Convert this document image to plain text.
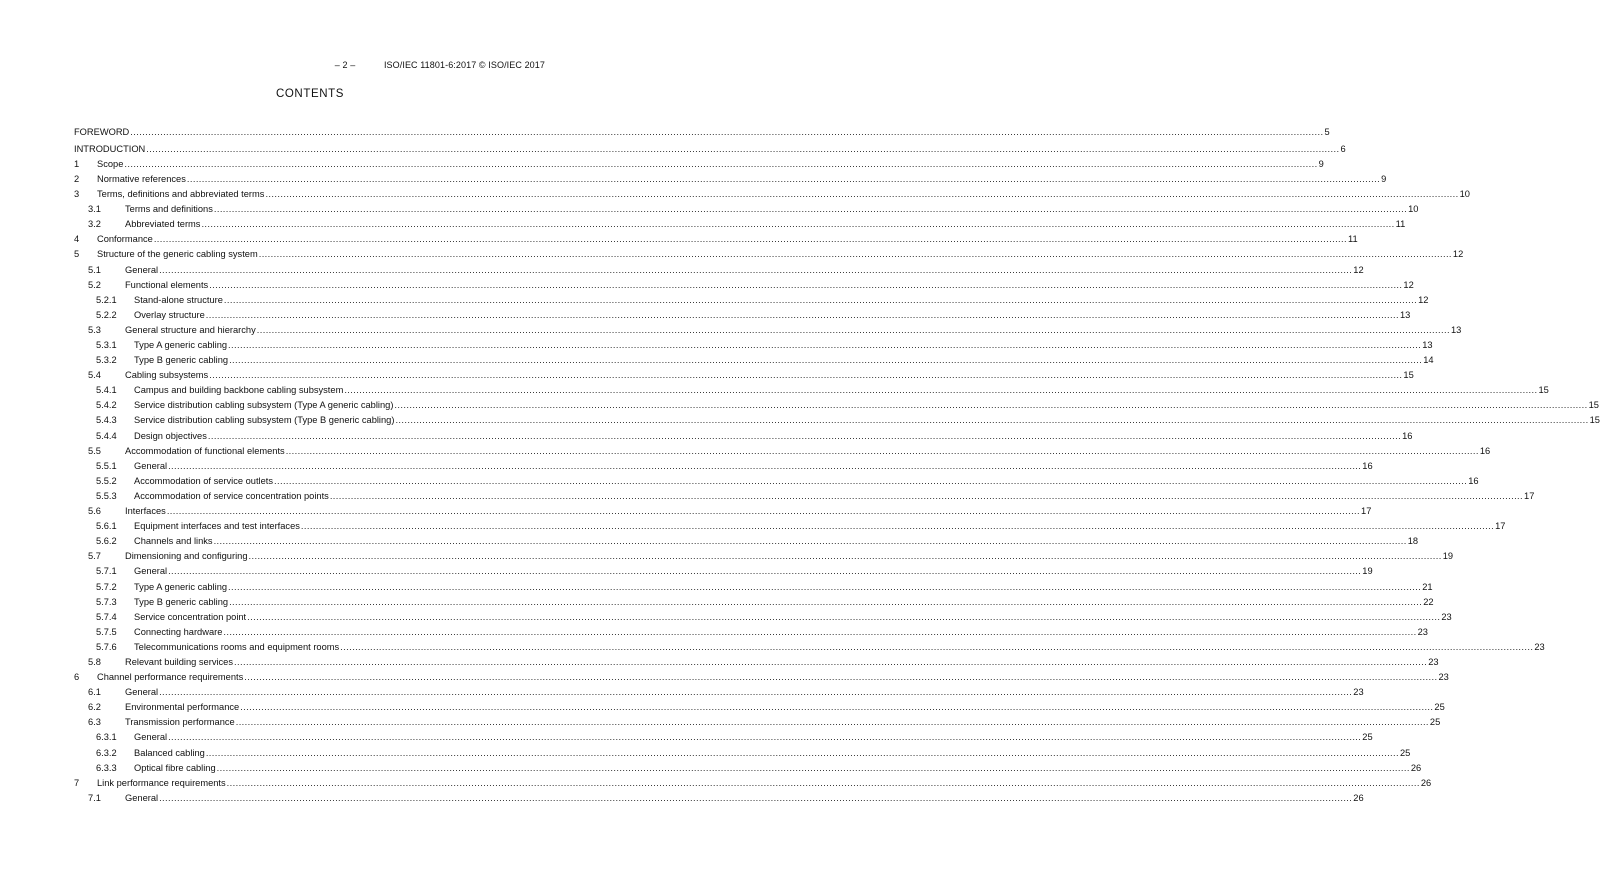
– 2 –	ISO/IEC 11801-6:2017 © ISO/IEC 2017
CONTENTS
FOREWORD ................................................................................................................................................................................................................................................................................................................................................................................................................ 5
INTRODUCTION ................................................................................................................................................................................................................................................................................................................................................................................................................ 6
1	Scope ................................................................................................................................................................................................................................................................................................................................................................................................................ 9
2	Normative references ................................................................................................................................................................................................................................................................................................................................................................................................................ 9
3	Terms, definitions and abbreviated terms ................................................................................................................................................................................................................................................................................................................................................................................................................ 10
3.1	Terms and definitions ................................................................................................................................................................................................................................................................................................................................................................................................................ 10
3.2	Abbreviated terms ................................................................................................................................................................................................................................................................................................................................................................................................................ 11
4	Conformance ................................................................................................................................................................................................................................................................................................................................................................................................................ 11
5	Structure of the generic cabling system ................................................................................................................................................................................................................................................................................................................................................................................................................ 12
5.1	General ................................................................................................................................................................................................................................................................................................................................................................................................................ 12
5.2	Functional elements ................................................................................................................................................................................................................................................................................................................................................................................................................ 12
5.2.1	Stand-alone structure ................................................................................................................................................................................................................................................................................................................................................................................................................ 12
5.2.2	Overlay structure ................................................................................................................................................................................................................................................................................................................................................................................................................ 13
5.3	General structure and hierarchy ................................................................................................................................................................................................................................................................................................................................................................................................................ 13
5.3.1	Type A generic cabling ................................................................................................................................................................................................................................................................................................................................................................................................................ 13
5.3.2	Type B generic cabling ................................................................................................................................................................................................................................................................................................................................................................................................................ 14
5.4	Cabling subsystems ................................................................................................................................................................................................................................................................................................................................................................................................................ 15
5.4.1	Campus and building backbone cabling subsystem ................................................................................................................................................................................................................................................................................................................................................................................................................ 15
5.4.2	Service distribution cabling subsystem (Type A generic cabling) ................................................................................................................................................................................................................................................................................................................................................................................................................ 15
5.4.3	Service distribution cabling subsystem (Type B generic cabling) ................................................................................................................................................................................................................................................................................................................................................................................................................ 15
5.4.4	Design objectives ................................................................................................................................................................................................................................................................................................................................................................................................................ 16
5.5	Accommodation of functional elements ................................................................................................................................................................................................................................................................................................................................................................................................................ 16
5.5.1	General ................................................................................................................................................................................................................................................................................................................................................................................................................ 16
5.5.2	Accommodation of service outlets ................................................................................................................................................................................................................................................................................................................................................................................................................ 16
5.5.3	Accommodation of service concentration points ................................................................................................................................................................................................................................................................................................................................................................................................................ 17
5.6	Interfaces ................................................................................................................................................................................................................................................................................................................................................................................................................ 17
5.6.1	Equipment interfaces and test interfaces ................................................................................................................................................................................................................................................................................................................................................................................................................ 17
5.6.2	Channels and links ................................................................................................................................................................................................................................................................................................................................................................................................................ 18
5.7	Dimensioning and configuring ................................................................................................................................................................................................................................................................................................................................................................................................................ 19
5.7.1	General ................................................................................................................................................................................................................................................................................................................................................................................................................ 19
5.7.2	Type A generic cabling ................................................................................................................................................................................................................................................................................................................................................................................................................ 21
5.7.3	Type B generic cabling ................................................................................................................................................................................................................................................................................................................................................................................................................ 22
5.7.4	Service concentration point ................................................................................................................................................................................................................................................................................................................................................................................................................ 23
5.7.5	Connecting hardware ................................................................................................................................................................................................................................................................................................................................................................................................................ 23
5.7.6	Telecommunications rooms and equipment rooms ................................................................................................................................................................................................................................................................................................................................................................................................................ 23
5.8	Relevant building services ................................................................................................................................................................................................................................................................................................................................................................................................................ 23
6	Channel performance requirements ................................................................................................................................................................................................................................................................................................................................................................................................................ 23
6.1	General ................................................................................................................................................................................................................................................................................................................................................................................................................ 23
6.2	Environmental performance ................................................................................................................................................................................................................................................................................................................................................................................................................ 25
6.3	Transmission performance ................................................................................................................................................................................................................................................................................................................................................................................................................ 25
6.3.1	General ................................................................................................................................................................................................................................................................................................................................................................................................................ 25
6.3.2	Balanced cabling ................................................................................................................................................................................................................................................................................................................................................................................................................ 25
6.3.3	Optical fibre cabling ................................................................................................................................................................................................................................................................................................................................................................................................................ 26
7	Link performance requirements ................................................................................................................................................................................................................................................................................................................................................................................................................ 26
7.1	General ................................................................................................................................................................................................................................................................................................................................................................................................................ 26
